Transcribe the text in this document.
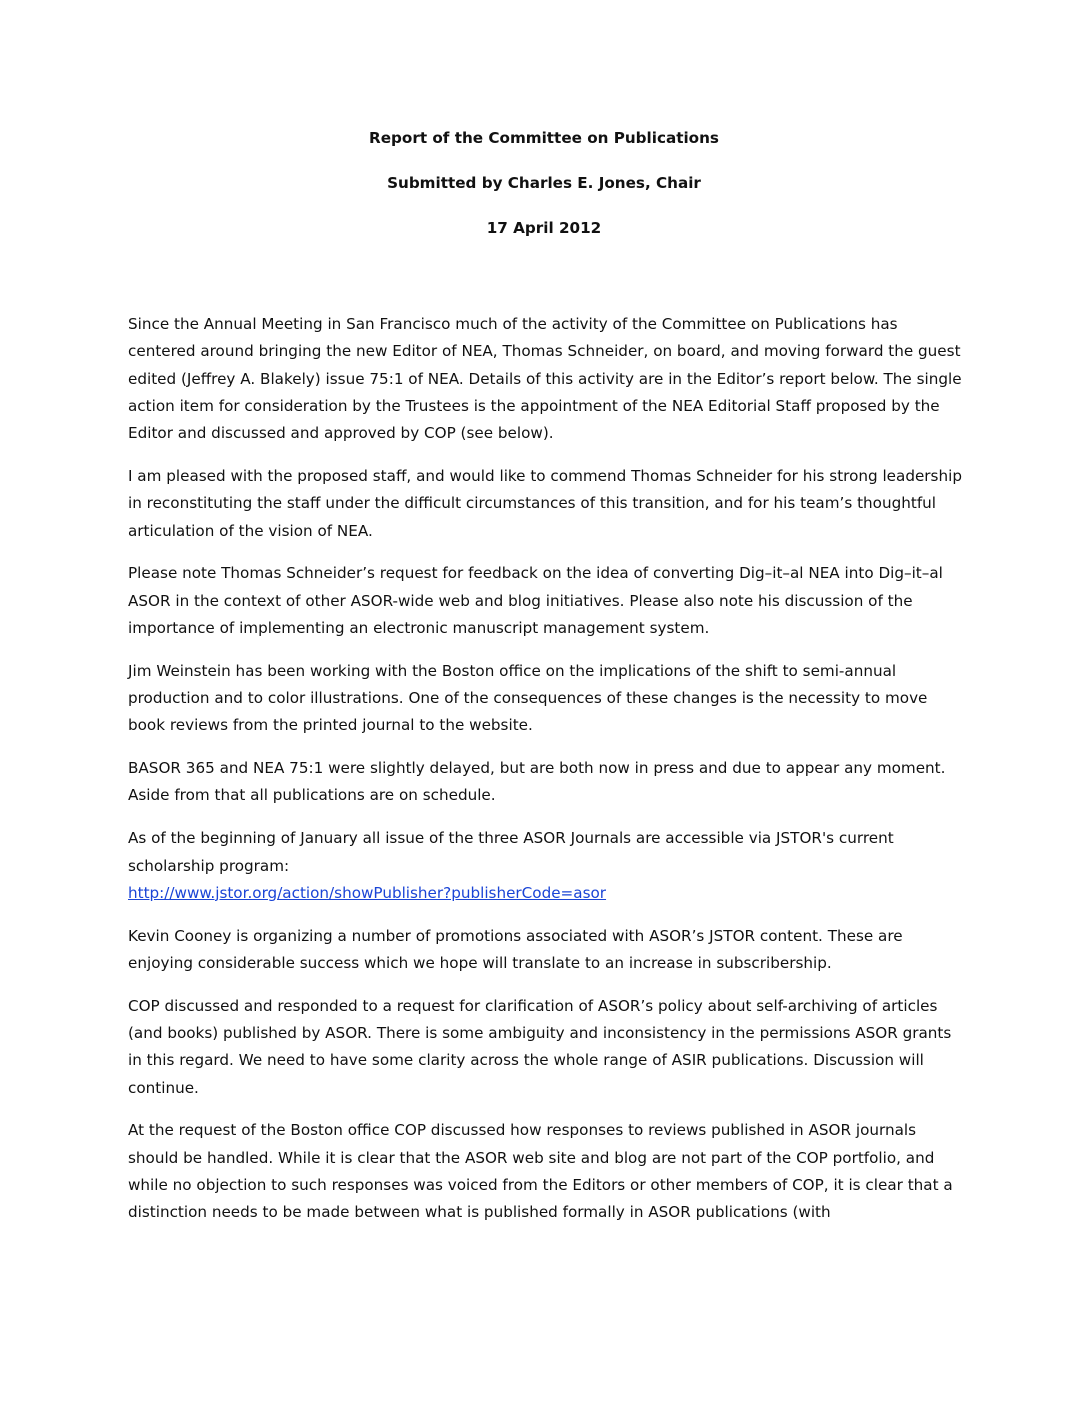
Report of the Committee on Publications
Submitted by Charles E. Jones, Chair
17 April 2012

Since the Annual Meeting in San Francisco much of the activity of the Committee on Publications has centered around bringing the new Editor of NEA, Thomas Schneider, on board, and moving forward the guest edited (Jeffrey A. Blakely) issue 75:1 of NEA. Details of this activity are in the Editor’s report below. The single action item for consideration by the Trustees is the appointment of the NEA Editorial Staff proposed by the Editor and discussed and approved by COP (see below).

I am pleased with the proposed staff, and would like to commend Thomas Schneider for his strong leadership in reconstituting the staff under the difficult circumstances of this transition, and for his team’s thoughtful articulation of the vision of NEA.

Please note Thomas Schneider’s request for feedback on the idea of converting Dig–it–al NEA into Dig–it–al ASOR in the context of other ASOR-wide web and blog initiatives. Please also note his discussion of the importance of implementing an electronic manuscript management system.

Jim Weinstein has been working with the Boston office on the implications of the shift to semi-annual production and to color illustrations. One of the consequences of these changes is the necessity to move book reviews from the printed journal to the website.

BASOR 365 and NEA 75:1 were slightly delayed, but are both now in press and due to appear any moment. Aside from that all publications are on schedule.

As of the beginning of January all issue of the three ASOR Journals are accessible via JSTOR's current scholarship program:
http://www.jstor.org/action/showPublisher?publisherCode=asor

Kevin Cooney is organizing a number of promotions associated with ASOR’s JSTOR content. These are enjoying considerable success which we hope will translate to an increase in subscribership.

COP discussed and responded to a request for clarification of ASOR’s policy about self-archiving of articles (and books) published by ASOR. There is some ambiguity and inconsistency in the permissions ASOR grants in this regard. We need to have some clarity across the whole range of ASIR publications. Discussion will continue.

At the request of the Boston office COP discussed how responses to reviews published in ASOR journals should be handled. While it is clear that the ASOR web site and blog are not part of the COP portfolio, and while no objection to such responses was voiced from the Editors or other members of COP, it is clear that a distinction needs to be made between what is published formally in ASOR publications (with
